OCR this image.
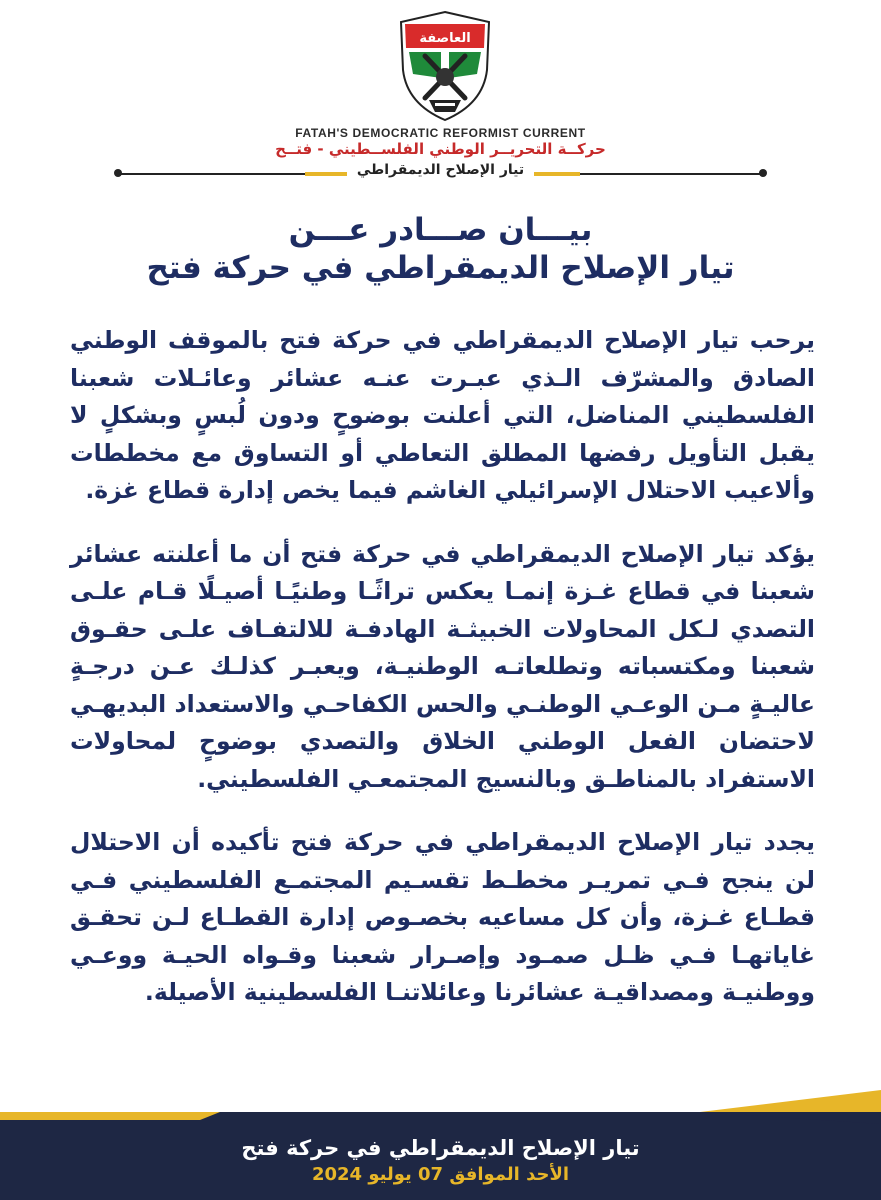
العاصفة
FATAH'S DEMOCRATIC REFORMIST CURRENT
حركــة التحريــر الوطني الفلســطيني - فتــح
تيار الإصلاح الديمقراطي
بيـــان صـــادر عـــن
تيار الإصلاح الديمقراطي في حركة فتح

يرحب تيار الإصلاح الديمقراطي في حركة فتح بالموقف الوطني الصادق والمشرّف الـذي عبـرت عنـه عشائر وعائـلات شعبنا الفلسطيني المناضل، التي أعلنت بوضوحٍ ودون لُبسٍ وبشكلٍ لا يقبل التأويل رفضها المطلق التعاطي أو التساوق مع مخططات وألاعيب الاحتلال الإسرائيلي الغاشم فيما يخص إدارة قطاع غزة.

يؤكد تيار الإصلاح الديمقراطي في حركة فتح أن ما أعلنته عشائر شعبنا في قطاع غـزة إنمـا يعكس تراثًـا وطنيًـا أصيـلًا قـام علـى التصدي لـكل المحاولات الخبيثـة الهادفـة للالتفـاف علـى حقـوق شعبنا ومكتسباته وتطلعاتـه الوطنيـة، ويعبـر كذلـك عـن درجـةٍ عاليـةٍ مـن الوعـي الوطنـي والحس الكفاحـي والاستعداد البديهـي لاحتضان الفعل الوطني الخلاق والتصدي بوضوحٍ لمحاولات الاستفراد بالمناطـق وبالنسيج المجتمعـي الفلسطيني.

يجدد تيار الإصلاح الديمقراطي في حركة فتح تأكيده أن الاحتلال لن ينجح فـي تمريـر مخطـط تقسـيم المجتمـع الفلسطيني فـي قطـاع غـزة، وأن كل مساعيه بخصـوص إدارة القطـاع لـن تحقـق غاياتهـا فـي ظـل صمـود وإصـرار شعبنا وقـواه الحيـة ووعـي ووطنيـة ومصداقيـة عشائرنا وعائلاتنـا الفلسطينية الأصيلة.

تيار الإصلاح الديمقراطي في حركة فتح
الأحد الموافق 07 يوليو 2024
